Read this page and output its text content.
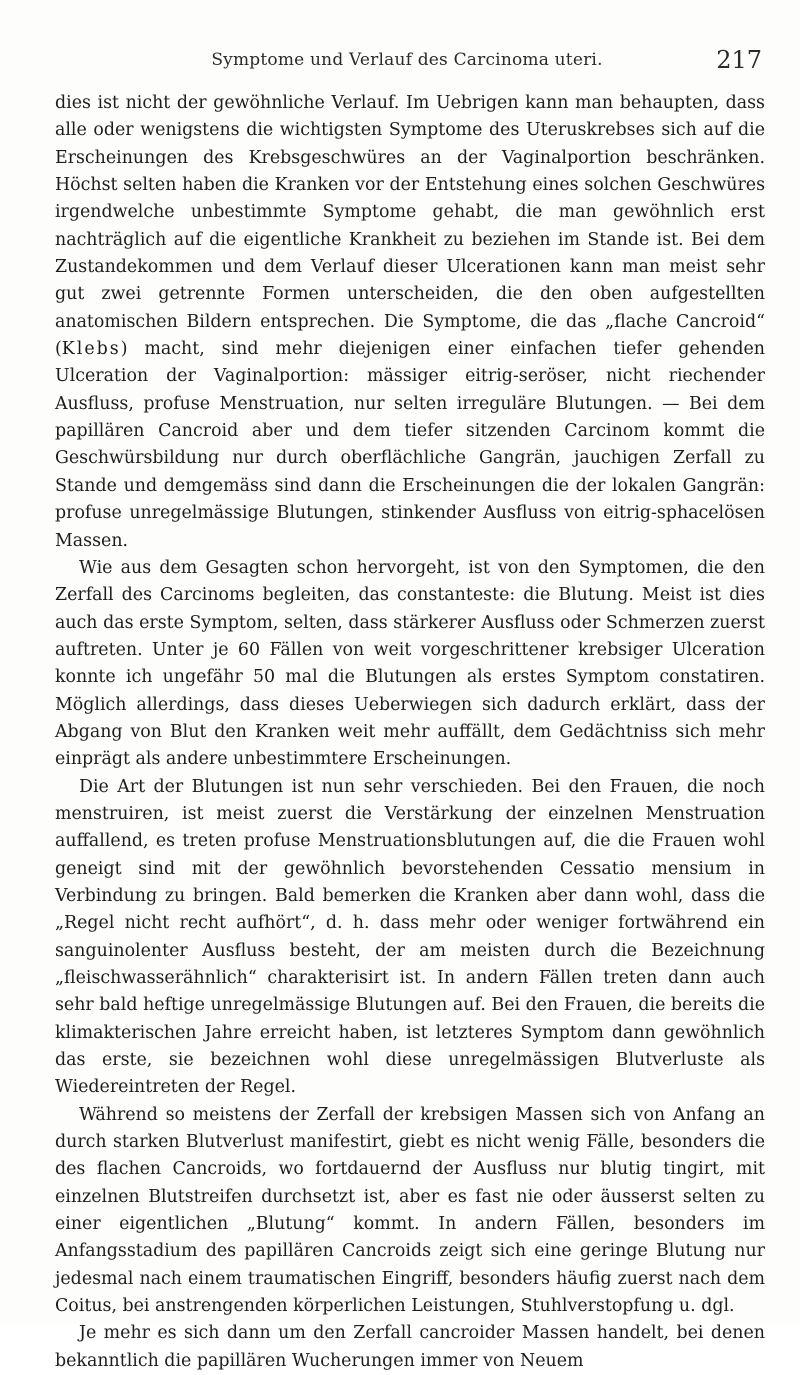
Symptome und Verlauf des Carcinoma uteri.	217

dies ist nicht der gewöhnliche Verlauf. Im Uebrigen kann man behaupten, dass alle oder wenigstens die wichtigsten Symptome des Uteruskrebses sich auf die Erscheinungen des Krebsgeschwüres an der Vaginalportion beschränken. Höchst selten haben die Kranken vor der Entstehung eines solchen Geschwüres irgendwelche unbestimmte Symptome gehabt, die man gewöhnlich erst nachträglich auf die eigentliche Krankheit zu beziehen im Stande ist. Bei dem Zustandekommen und dem Verlauf dieser Ulcerationen kann man meist sehr gut zwei getrennte Formen unterscheiden, die den oben aufgestellten anatomischen Bildern entsprechen. Die Symptome, die das „flache Cancroid“ (Klebs) macht, sind mehr diejenigen einer einfachen tiefer gehenden Ulceration der Vaginalportion: mässiger eitrig-seröser, nicht riechender Ausfluss, profuse Menstruation, nur selten irreguläre Blutungen. — Bei dem papillären Cancroid aber und dem tiefer sitzenden Carcinom kommt die Geschwürsbildung nur durch oberflächliche Gangrän, jauchigen Zerfall zu Stande und demgemäss sind dann die Erscheinungen die der lokalen Gangrän: profuse unregelmässige Blutungen, stinkender Ausfluss von eitrig-sphacelösen Massen.

Wie aus dem Gesagten schon hervorgeht, ist von den Symptomen, die den Zerfall des Carcinoms begleiten, das constanteste: die Blutung. Meist ist dies auch das erste Symptom, selten, dass stärkerer Ausfluss oder Schmerzen zuerst auftreten. Unter je 60 Fällen von weit vorgeschrittener krebsiger Ulceration konnte ich ungefähr 50 mal die Blutungen als erstes Symptom constatiren. Möglich allerdings, dass dieses Ueberwiegen sich dadurch erklärt, dass der Abgang von Blut den Kranken weit mehr auffällt, dem Gedächtniss sich mehr einprägt als andere unbestimmtere Erscheinungen.

Die Art der Blutungen ist nun sehr verschieden. Bei den Frauen, die noch menstruiren, ist meist zuerst die Verstärkung der einzelnen Menstruation auffallend, es treten profuse Menstruationsblutungen auf, die die Frauen wohl geneigt sind mit der gewöhnlich bevorstehenden Cessatio mensium in Verbindung zu bringen. Bald bemerken die Kranken aber dann wohl, dass die „Regel nicht recht aufhört“, d. h. dass mehr oder weniger fortwährend ein sanguinolenter Ausfluss besteht, der am meisten durch die Bezeichnung „fleischwasserähnlich“ charakterisirt ist. In andern Fällen treten dann auch sehr bald heftige unregelmässige Blutungen auf. Bei den Frauen, die bereits die klimakterischen Jahre erreicht haben, ist letzteres Symptom dann gewöhnlich das erste, sie bezeichnen wohl diese unregelmässigen Blutverluste als Wiedereintreten der Regel.

Während so meistens der Zerfall der krebsigen Massen sich von Anfang an durch starken Blutverlust manifestirt, giebt es nicht wenig Fälle, besonders die des flachen Cancroids, wo fortdauernd der Ausfluss nur blutig tingirt, mit einzelnen Blutstreifen durchsetzt ist, aber es fast nie oder äusserst selten zu einer eigentlichen „Blutung“ kommt. In andern Fällen, besonders im Anfangsstadium des papillären Cancroids zeigt sich eine geringe Blutung nur jedesmal nach einem traumatischen Eingriff, besonders häufig zuerst nach dem Coitus, bei anstrengenden körperlichen Leistungen, Stuhlverstopfung u. dgl.

Je mehr es sich dann um den Zerfall cancroider Massen handelt, bei denen bekanntlich die papillären Wucherungen immer von Neuem
